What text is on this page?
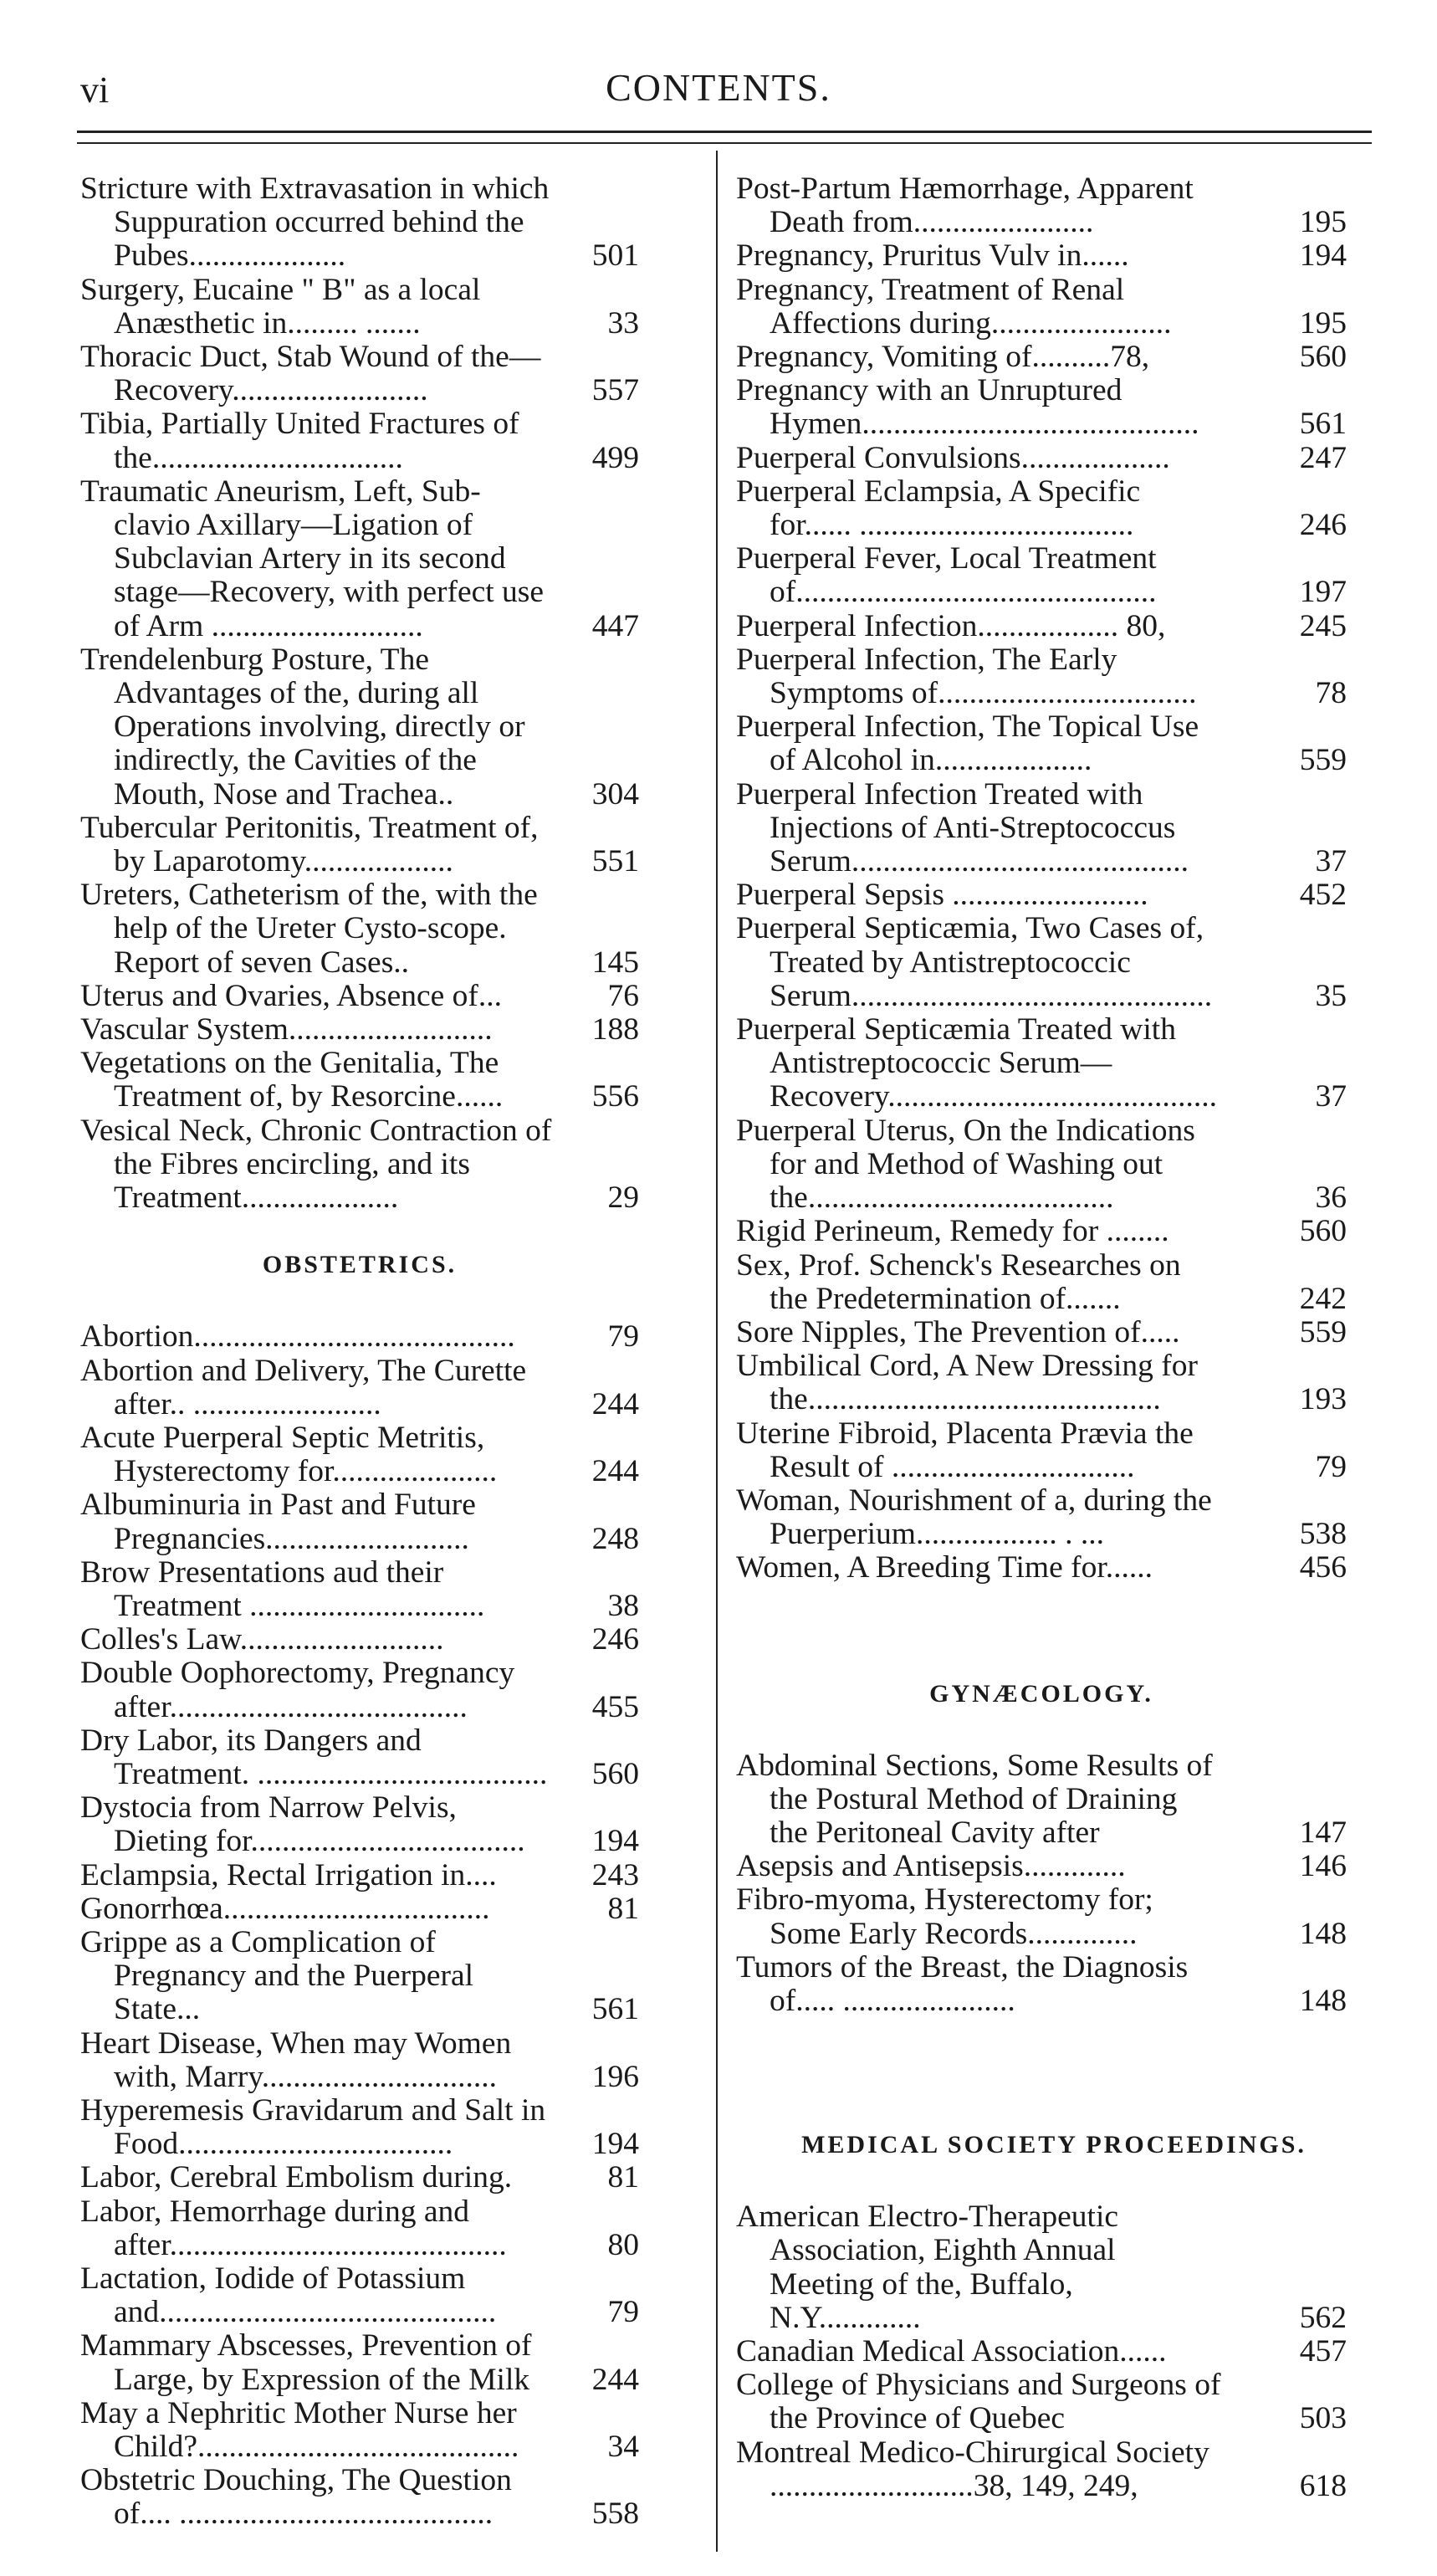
vi	CONTENTS.
Stricture with Extravasation in which Suppuration occurred behind the Pubes....................	501
Surgery, Eucaine " B" as a local Anæsthetic in......... .......	33
Thoracic Duct, Stab Wound of the—Recovery.........................	557
Tibia, Partially United Fractures of the................................	499
Traumatic Aneurism, Left, Sub-clavio Axillary—Ligation of Subclavian Artery in its second stage—Recovery, with perfect use of Arm ...........................	447
Trendelenburg Posture, The Advantages of the, during all Operations involving, directly or indirectly, the Cavities of the Mouth, Nose and Trachea..	304
Tubercular Peritonitis, Treatment of, by Laparotomy...................	551
Ureters, Catheterism of the, with the help of the Ureter Cysto-scope. Report of seven Cases..	145
Uterus and Ovaries, Absence of...	76
Vascular System..........................	188
Vegetations on the Genitalia, The Treatment of, by Resorcine......	556
Vesical Neck, Chronic Contraction of the Fibres encircling, and its Treatment....................	29
OBSTETRICS.
Abortion.........................................	79
Abortion and Delivery, The Curette after.. ........................	244
Acute Puerperal Septic Metritis, Hysterectomy for.....................	244
Albuminuria in Past and Future Pregnancies..........................	248
Brow Presentations aud their Treatment ..............................	38
Colles's Law..........................	246
Double Oophorectomy, Pregnancy after......................................	455
Dry Labor, its Dangers and Treatment. ..................................... 560
Dystocia from Narrow Pelvis, Dieting for................................... 194
Eclampsia, Rectal Irrigation in....	243
Gonorrhœa..................................	81
Grippe as a Complication of Pregnancy and the Puerperal State...	561
Heart Disease, When may Women with, Marry..............................	196
Hyperemesis Gravidarum and Salt in Food...................................	194
Labor, Cerebral Embolism during.	81
Labor, Hemorrhage during and after...........................................	80
Lactation, Iodide of Potassium and...........................................	79
Mammary Abscesses, Prevention of Large, by Expression of the Milk 244
May a Nephritic Mother Nurse her Child?.........................................	34
Obstetric Douching, The Question of.... ........................................	558
Post-Partum Hæmorrhage, Apparent Death from.......................	195
Pregnancy, Pruritus Vulv in......	194
Pregnancy, Treatment of Renal Affections during.......................	195
Pregnancy, Vomiting of..........78,	560
Pregnancy with an Unruptured Hymen...........................................	561
Puerperal Convulsions...................	247
Puerperal Eclampsia, A Specific for...... ...................................	246
Puerperal Fever, Local Treatment of..............................................	197
Puerperal Infection.................. 80,	245
Puerperal Infection, The Early Symptoms of.................................	78
Puerperal Infection, The Topical Use of Alcohol in....................	559
Puerperal Infection Treated with Injections of Anti-Streptococcus Serum...........................................	37
Puerperal Sepsis .........................	452
Puerperal Septicæmia, Two Cases of, Treated by Antistreptococcic Serum..............................................	35
Puerperal Septicæmia Treated with Antistreptococcic Serum—Recovery..........................................	37
Puerperal Uterus, On the Indications for and Method of Washing out the.......................................	36
Rigid Perineum, Remedy for ........	560
Sex, Prof. Schenck's Researches on the Predetermination of.......	242
Sore Nipples, The Prevention of.....	559
Umbilical Cord, A New Dressing for the.............................................	193
Uterine Fibroid, Placenta Prævia the Result of ...............................	79
Woman, Nourishment of a, during the Puerperium.................. . ...	538
Women, A Breeding Time for......	456
GYNÆCOLOGY.
Abdominal Sections, Some Results of the Postural Method of Draining the Peritoneal Cavity after	147
Asepsis and Antisepsis.............	146
Fibro-myoma, Hysterectomy for; Some Early Records..............	148
Tumors of the Breast, the Diagnosis of..... ......................	148
MEDICAL SOCIETY PROCEEDINGS.
American Electro-Therapeutic Association, Eighth Annual Meeting of the, Buffalo, N.Y.............	562
Canadian Medical Association......	457
College of Physicians and Surgeons of the Province of Quebec	503
Montreal Medico-Chirurgical Society ..........................38, 149, 249,	618
